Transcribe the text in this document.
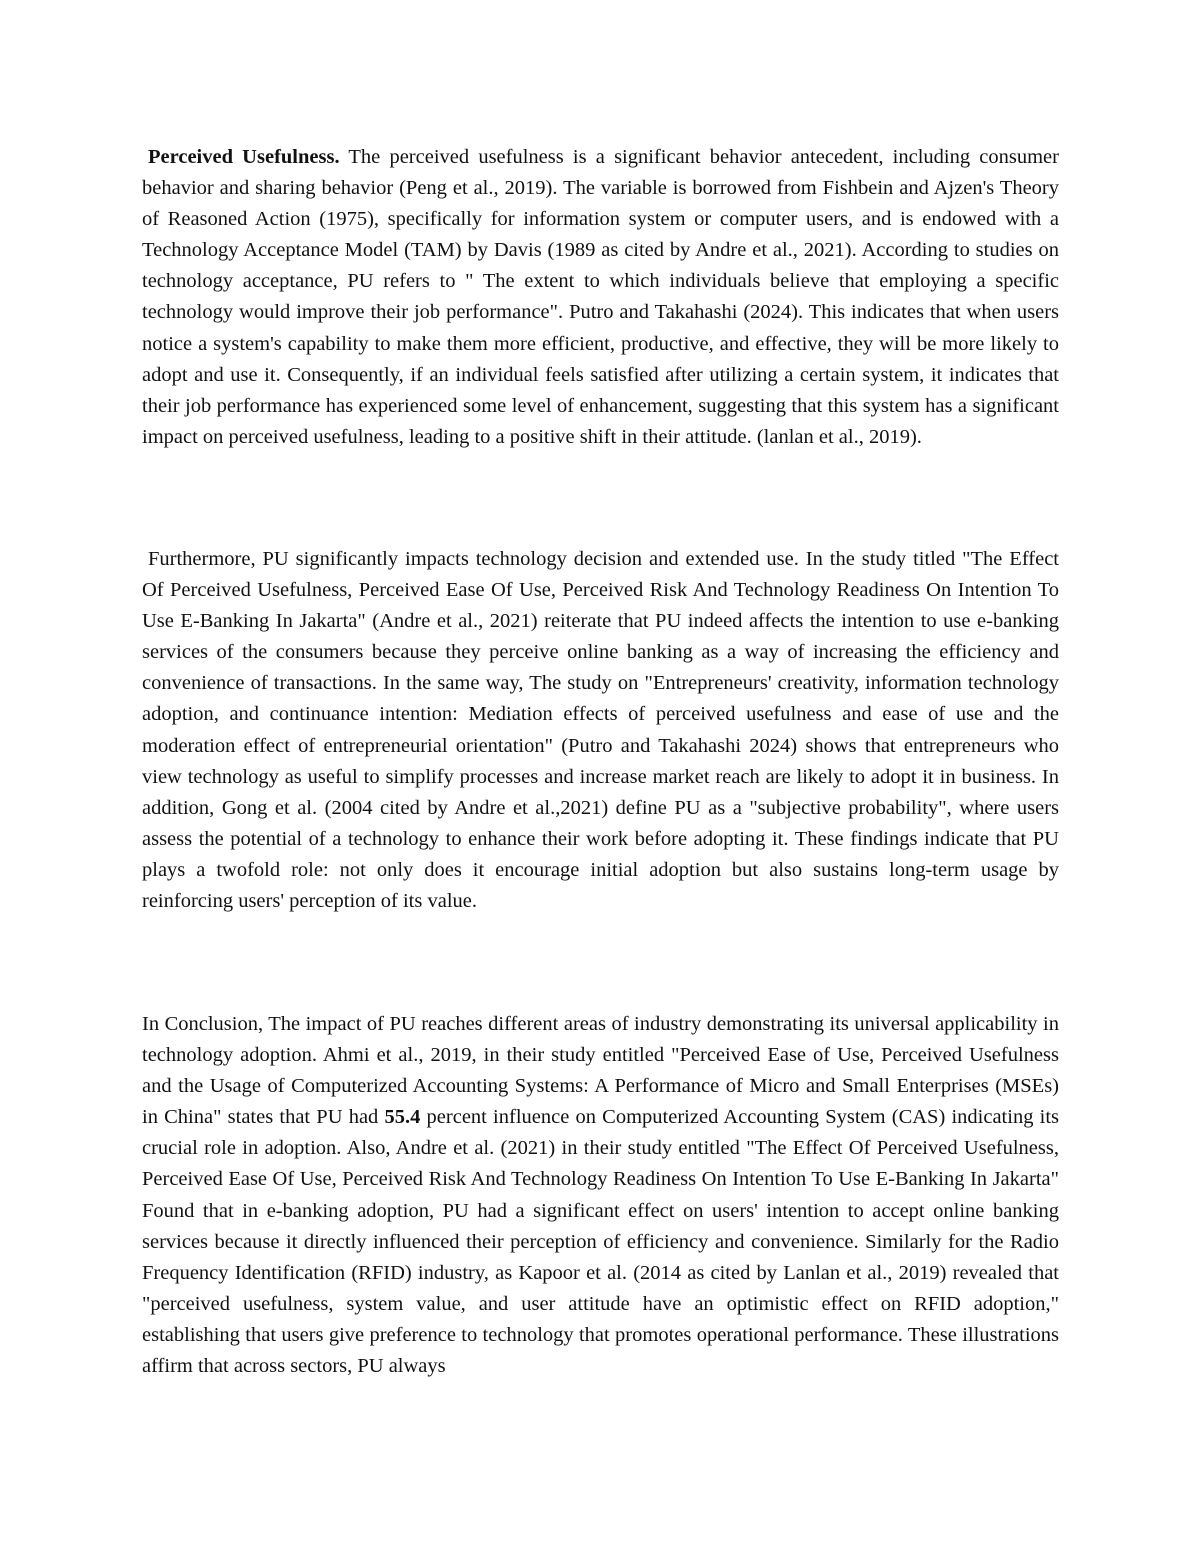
Perceived Usefulness. The perceived usefulness is a significant behavior antecedent, including consumer behavior and sharing behavior (Peng et al., 2019). The variable is borrowed from Fishbein and Ajzen's Theory of Reasoned Action (1975), specifically for information system or computer users, and is endowed with a Technology Acceptance Model (TAM) by Davis (1989 as cited by Andre et al., 2021). According to studies on technology acceptance, PU refers to " The extent to which individuals believe that employing a specific technology would improve their job performance". Putro and Takahashi (2024). This indicates that when users notice a system's capability to make them more efficient, productive, and effective, they will be more likely to adopt and use it. Consequently, if an individual feels satisfied after utilizing a certain system, it indicates that their job performance has experienced some level of enhancement, suggesting that this system has a significant impact on perceived usefulness, leading to a positive shift in their attitude. (lanlan et al., 2019).

Furthermore, PU significantly impacts technology decision and extended use. In the study titled "The Effect Of Perceived Usefulness, Perceived Ease Of Use, Perceived Risk And Technology Readiness On Intention To Use E-Banking In Jakarta" (Andre et al., 2021) reiterate that PU indeed affects the intention to use e-banking services of the consumers because they perceive online banking as a way of increasing the efficiency and convenience of transactions. In the same way, The study on "Entrepreneurs' creativity, information technology adoption, and continuance intention: Mediation effects of perceived usefulness and ease of use and the moderation effect of entrepreneurial orientation" (Putro and Takahashi 2024) shows that entrepreneurs who view technology as useful to simplify processes and increase market reach are likely to adopt it in business. In addition, Gong et al. (2004 cited by Andre et al.,2021) define PU as a "subjective probability", where users assess the potential of a technology to enhance their work before adopting it. These findings indicate that PU plays a twofold role: not only does it encourage initial adoption but also sustains long-term usage by reinforcing users' perception of its value.

In Conclusion, The impact of PU reaches different areas of industry demonstrating its universal applicability in technology adoption. Ahmi et al., 2019, in their study entitled "Perceived Ease of Use, Perceived Usefulness and the Usage of Computerized Accounting Systems: A Performance of Micro and Small Enterprises (MSEs) in China" states that PU had 55.4 percent influence on Computerized Accounting System (CAS) indicating its crucial role in adoption. Also, Andre et al. (2021) in their study entitled "The Effect Of Perceived Usefulness, Perceived Ease Of Use, Perceived Risk And Technology Readiness On Intention To Use E-Banking In Jakarta" Found that in e-banking adoption, PU had a significant effect on users' intention to accept online banking services because it directly influenced their perception of efficiency and convenience. Similarly for the Radio Frequency Identification (RFID) industry, as Kapoor et al. (2014 as cited by Lanlan et al., 2019) revealed that "perceived usefulness, system value, and user attitude have an optimistic effect on RFID adoption," establishing that users give preference to technology that promotes operational performance. These illustrations affirm that across sectors, PU always
